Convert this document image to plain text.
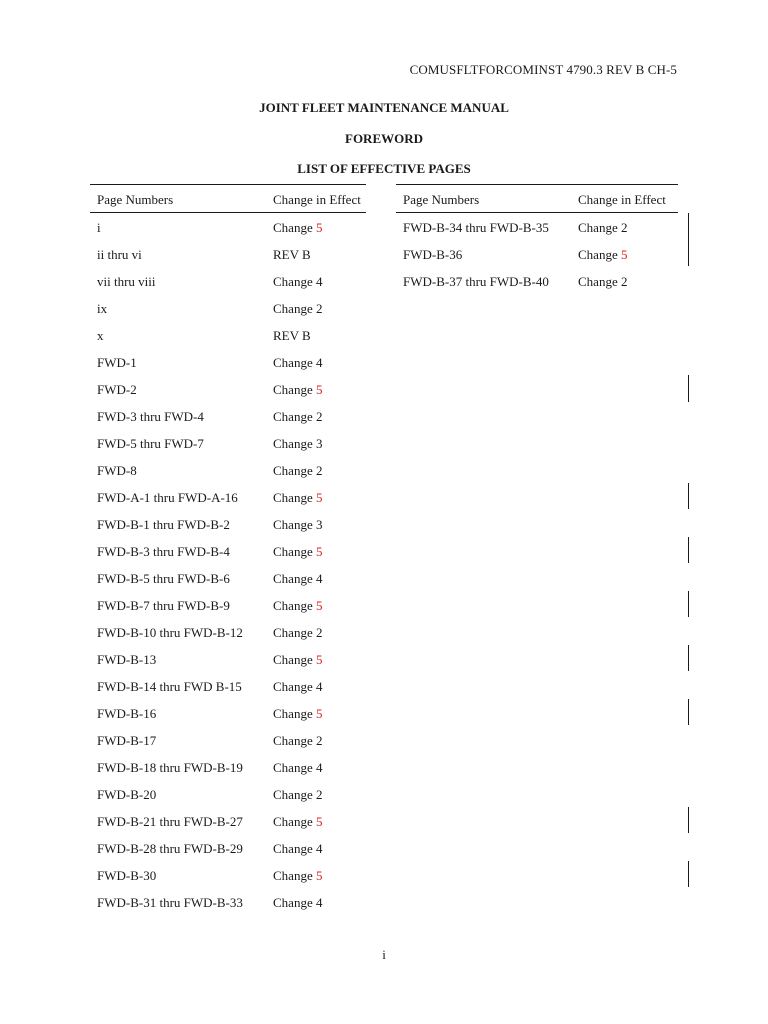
COMUSFLTFORCOMINST 4790.3 REV B CH-5
JOINT FLEET MAINTENANCE MANUAL
FOREWORD
LIST OF EFFECTIVE PAGES
Page Numbers	Change in Effect
i	Change 5
ii thru vi	REV B
vii thru viii	Change 4
ix	Change 2
x	REV B
FWD-1	Change 4
FWD-2	Change 5
FWD-3 thru FWD-4	Change 2
FWD-5 thru FWD-7	Change 3
FWD-8	Change 2
FWD-A-1 thru FWD-A-16	Change 5
FWD-B-1 thru FWD-B-2	Change 3
FWD-B-3 thru FWD-B-4	Change 5
FWD-B-5 thru FWD-B-6	Change 4
FWD-B-7 thru FWD-B-9	Change 5
FWD-B-10 thru FWD-B-12 Change 2
FWD-B-13	Change 5
FWD-B-14 thru FWD B-15 Change 4
FWD-B-16	Change 5
FWD-B-17	Change 2
FWD-B-18 thru FWD-B-19 Change 4
FWD-B-20	Change 2
FWD-B-21 thru FWD-B-27 Change 5
FWD-B-28 thru FWD-B-29 Change 4
FWD-B-30	Change 5
FWD-B-31 thru FWD-B-33 Change 4
Page Numbers	Change in Effect
FWD-B-34 thru FWD-B-35 Change 2
FWD-B-36	Change 5
FWD-B-37 thru FWD-B-40 Change 2
i
